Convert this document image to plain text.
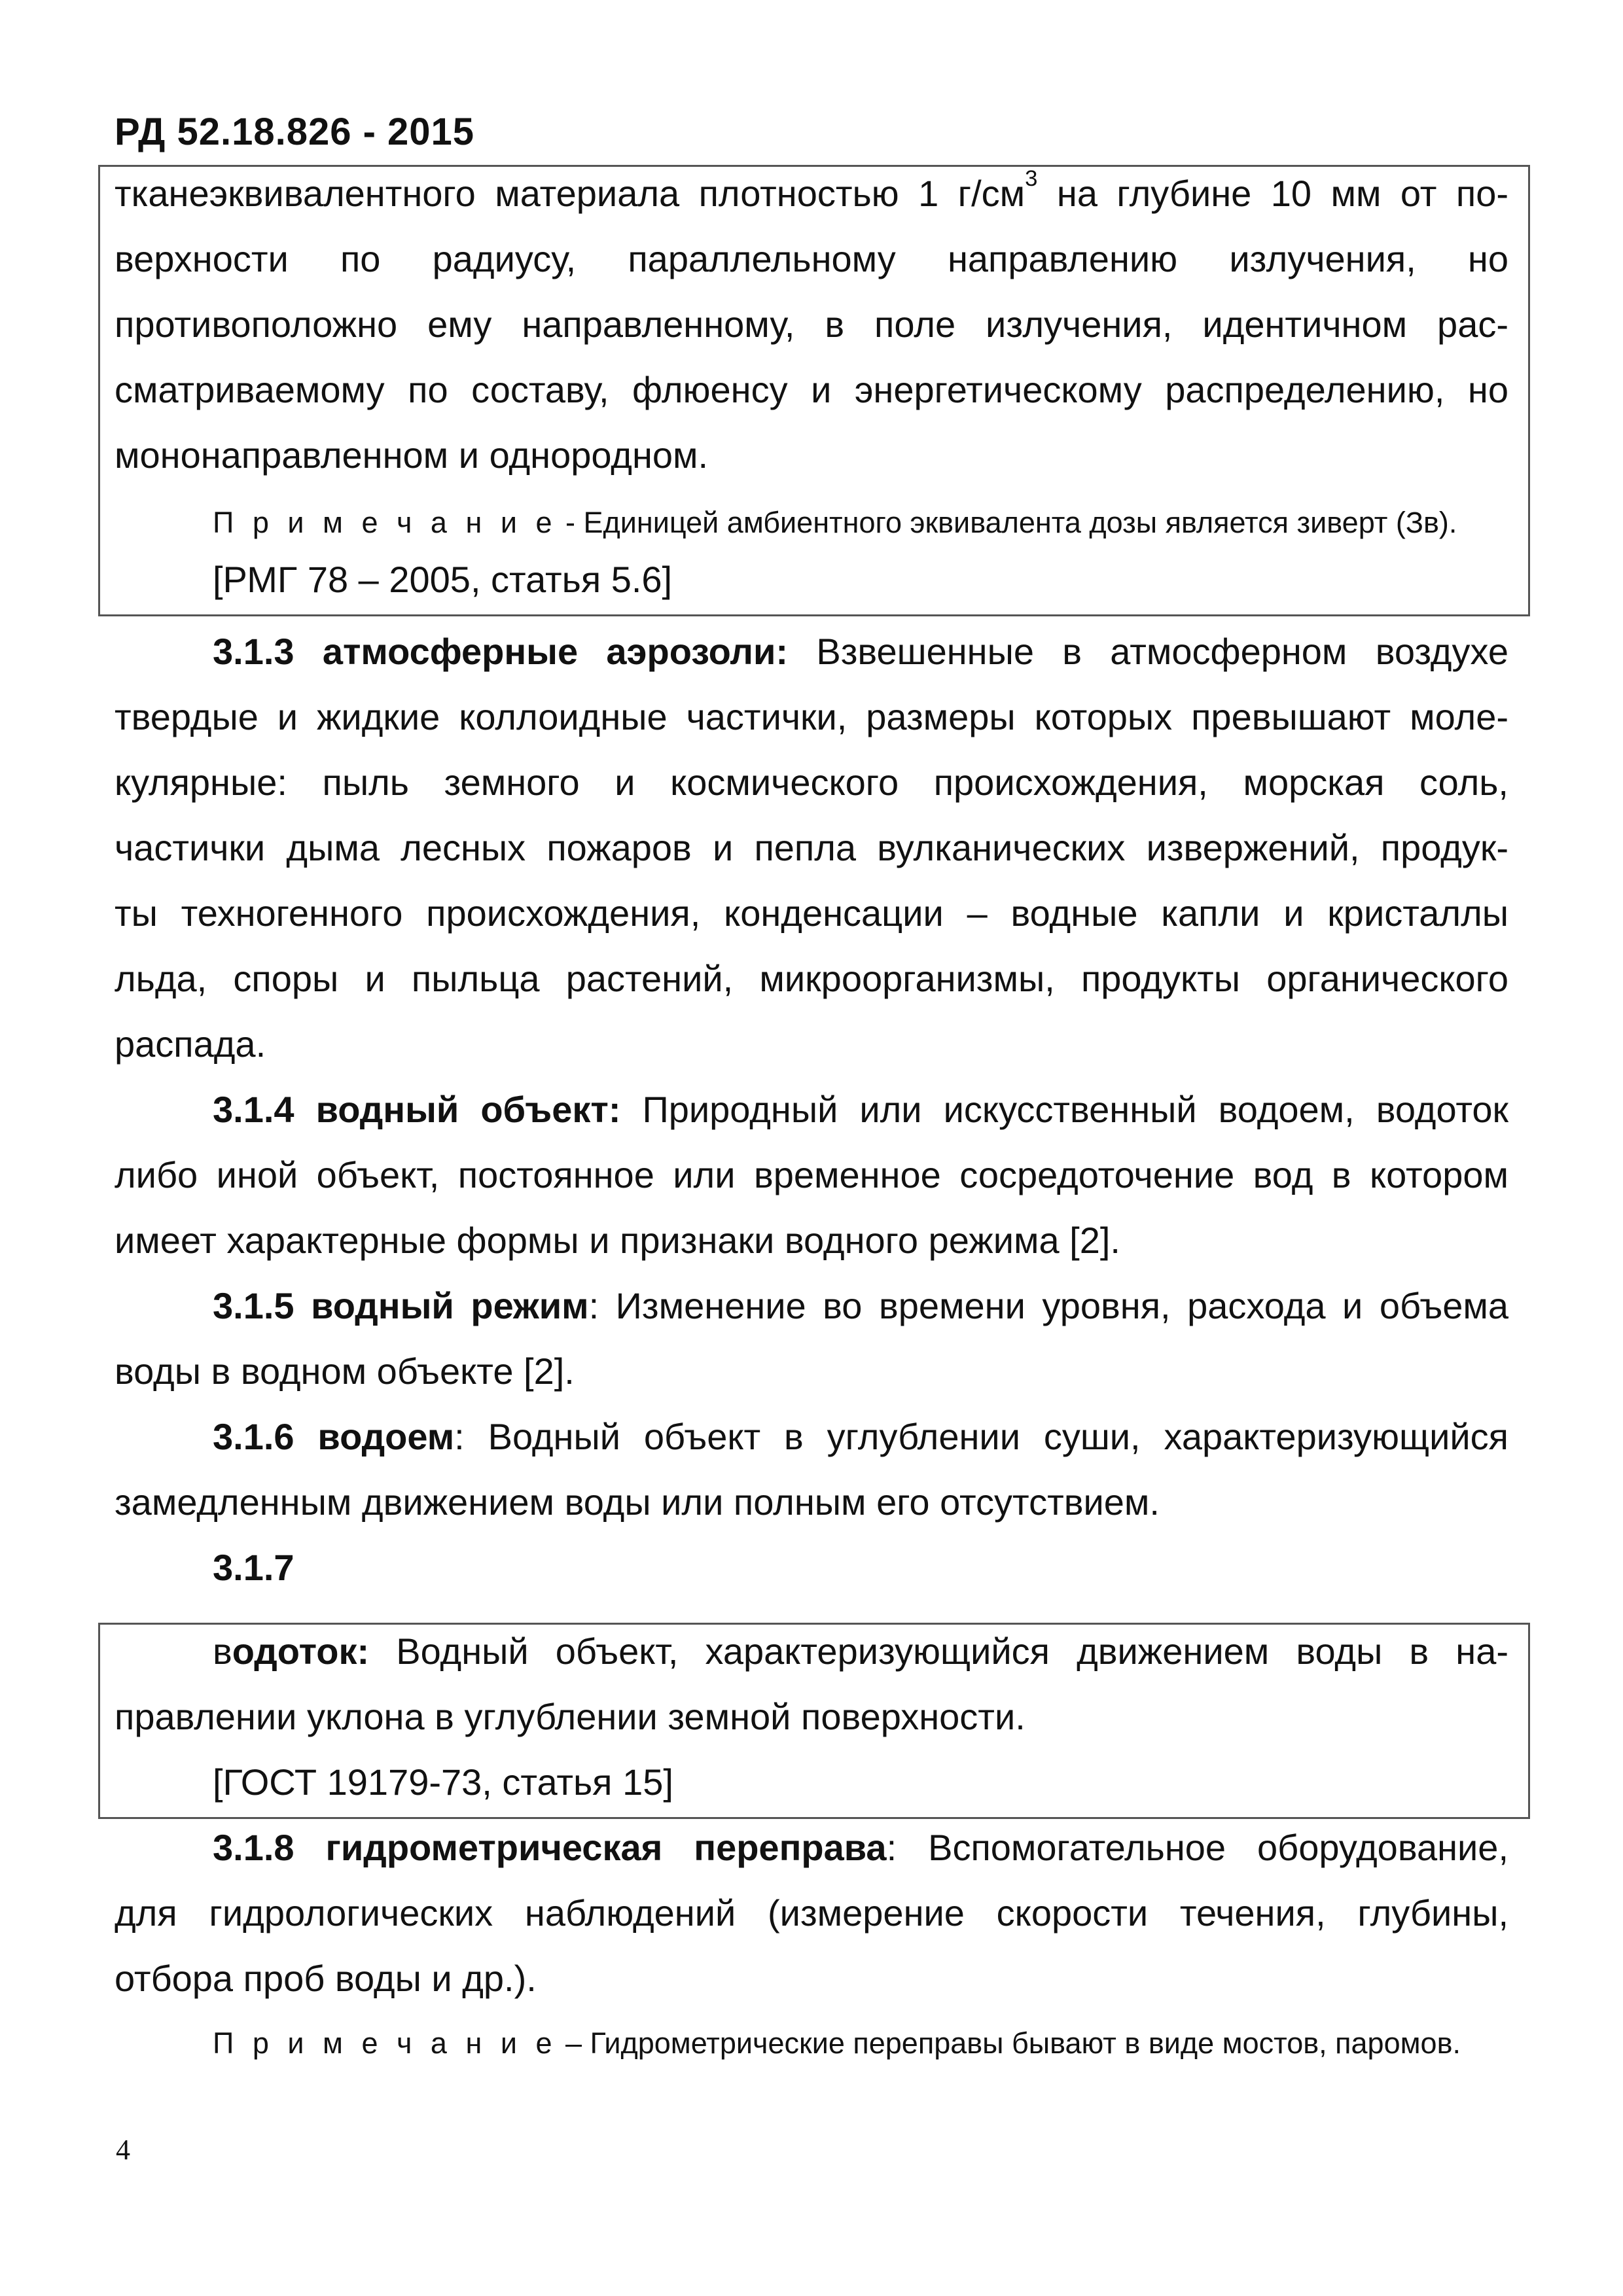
РД 52.18.826 - 2015
тканеэквивалентного материала плотностью 1 $г/см^3$ на глубине 10 мм от по-
верхности по радиусу, параллельному направлению излучения, но
противоположно ему направленному, в поле излучения, идентичном рас-
сматриваемому по составу, флюенсу и энергетическому распределению, но
мононаправленном и однородном.
П р и м е ч а н и е - Единицей амбиентного эквивалента дозы является зиверт (Зв).
[РМГ 78 – 2005, статья 5.6]
3.1.3 атмосферные аэрозоли: Взвешенные в атмосферном воздухе
твердые и жидкие коллоидные частички, размеры которых превышают моле-
кулярные: пыль земного и космического происхождения, морская соль,
частички дыма лесных пожаров и пепла вулканических извержений, продук-
ты техногенного происхождения, конденсации – водные капли и кристаллы
льда, споры и пыльца растений, микроорганизмы, продукты органического
распада.
3.1.4 водный объект: Природный или искусственный водоем, водоток
либо иной объект, постоянное или временное сосредоточение вод в котором
имеет характерные формы и признаки водного режима [2].
3.1.5 водный режим: Изменение во времени уровня, расхода и объема
воды в водном объекте [2].
3.1.6 водоем: Водный объект в углублении суши, характеризующийся
замедленным движением воды или полным его отсутствием.
3.1.7
водоток: Водный объект, характеризующийся движением воды в на-
правлении уклона в углублении земной поверхности.
[ГОСТ 19179-73, статья 15]
3.1.8 гидрометрическая переправа: Вспомогательное оборудование,
для гидрологических наблюдений (измерение скорости течения, глубины,
отбора проб воды и др.).
П р и м е ч а н и е – Гидрометрические переправы бывают в виде мостов, паромов.
4
